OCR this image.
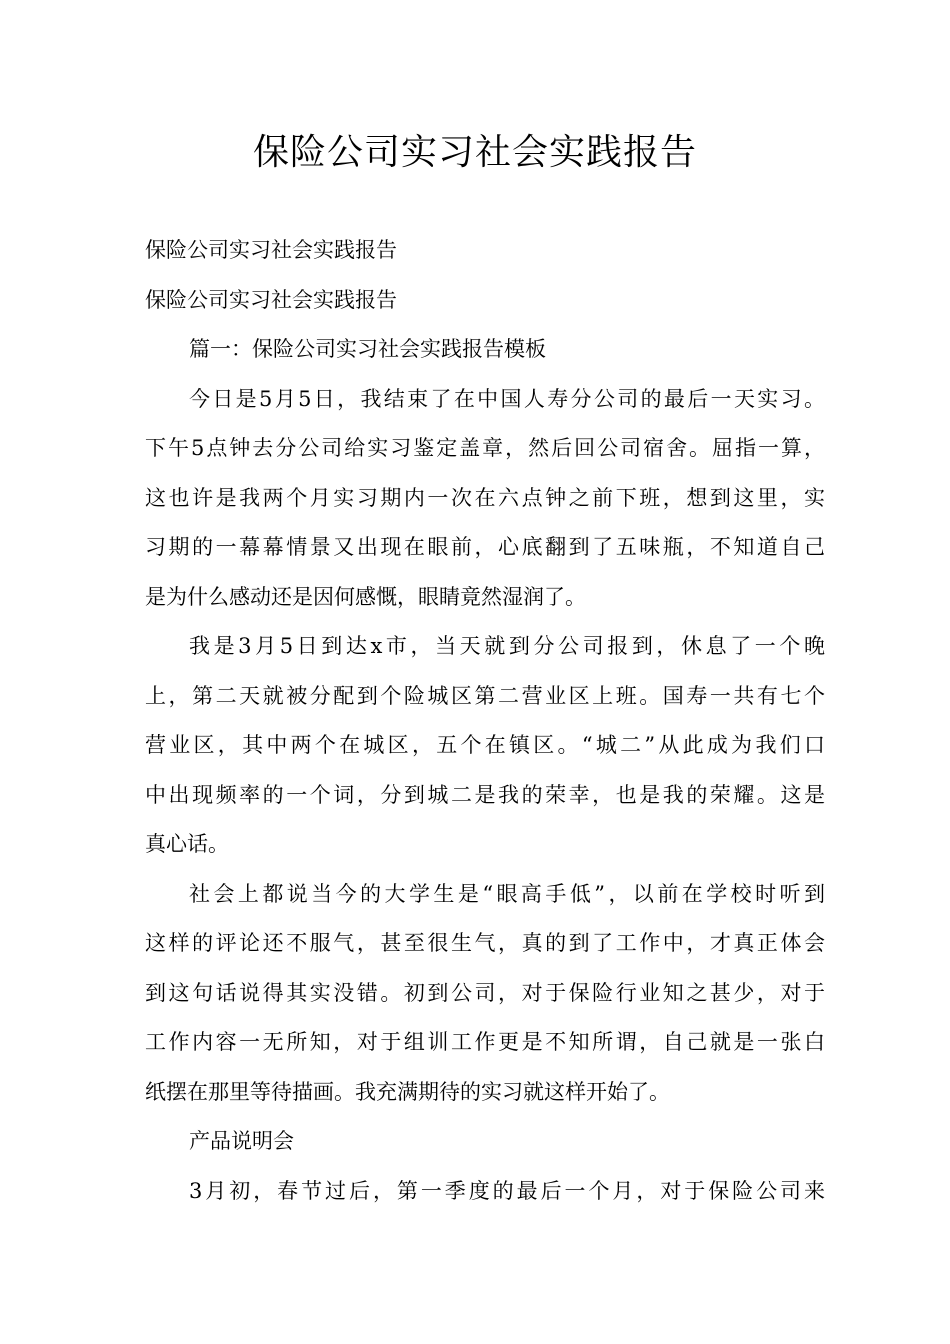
保险公司实习社会实践报告
保险公司实习社会实践报告
保险公司实习社会实践报告
篇一：保险公司实习社会实践报告模板
今日是5月5日，我结束了在中国人寿分公司的最后一天实习。
下午5点钟去分公司给实习鉴定盖章，然后回公司宿舍。屈指一算，
这也许是我两个月实习期内一次在六点钟之前下班，想到这里，实
习期的一幕幕情景又出现在眼前，心底翻到了五味瓶，不知道自己
是为什么感动还是因何感慨，眼睛竟然湿润了。
我是3月5日到达x市，当天就到分公司报到，休息了一个晚
上，第二天就被分配到个险城区第二营业区上班。国寿一共有七个
营业区，其中两个在城区，五个在镇区。“城二”从此成为我们口
中出现频率的一个词，分到城二是我的荣幸，也是我的荣耀。这是
真心话。
社会上都说当今的大学生是“眼高手低”，以前在学校时听到
这样的评论还不服气，甚至很生气，真的到了工作中，才真正体会
到这句话说得其实没错。初到公司，对于保险行业知之甚少，对于
工作内容一无所知，对于组训工作更是不知所谓，自己就是一张白
纸摆在那里等待描画。我充满期待的实习就这样开始了。
产品说明会
3月初，春节过后，第一季度的最后一个月，对于保险公司来
